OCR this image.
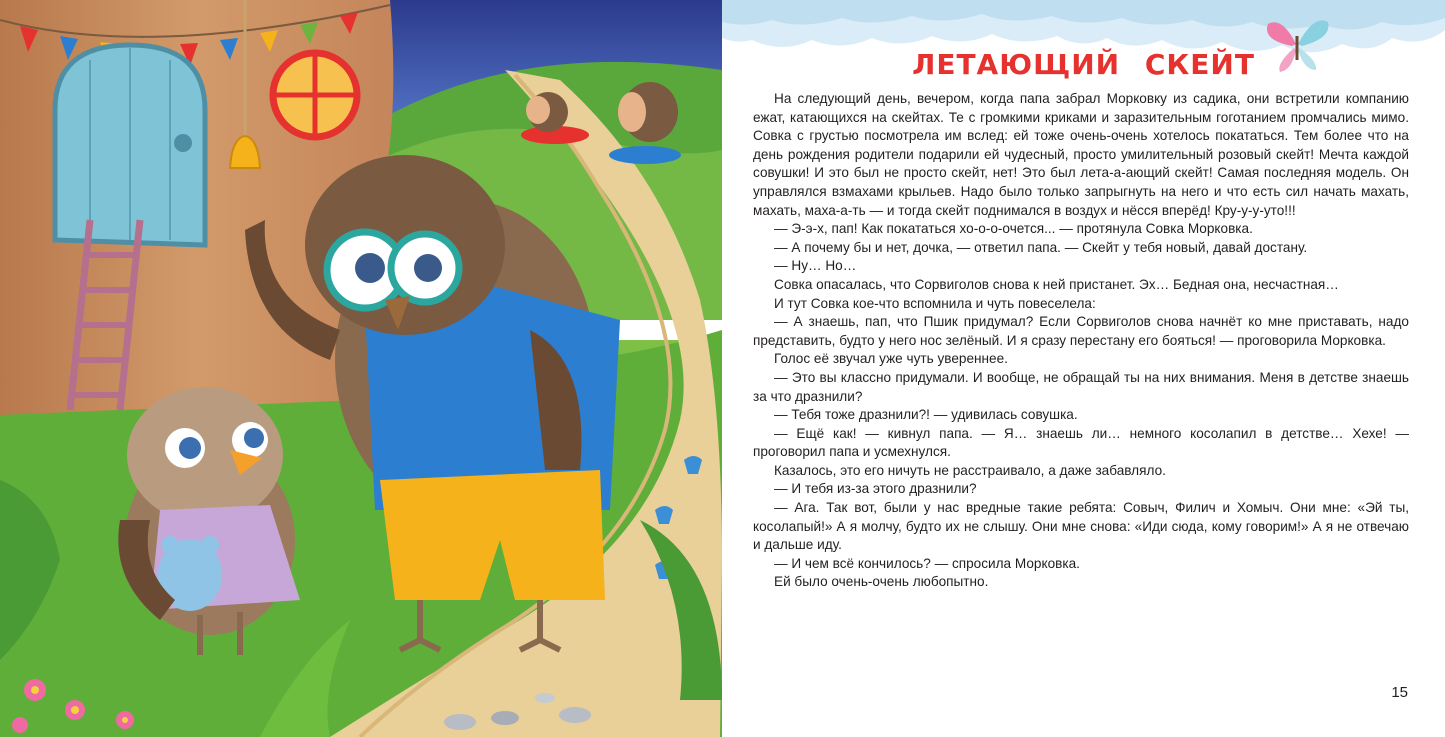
ЛЕТАЮЩИЙ СКЕЙТ

На следующий день, вечером, когда папа забрал Морковку из садика, они встретили компанию ежат, катающихся на скейтах. Те с громкими криками и заразительным гоготанием промчались мимо. Совка с грустью посмотрела им вслед: ей тоже очень-очень хотелось покататься. Тем более что на день рождения родители подарили ей чудесный, просто умилительный розовый скейт! Мечта каждой совушки! И это был не просто скейт, нет! Это был лета-а-ающий скейт! Самая последняя модель. Он управлялся взмахами крыльев. Надо было только запрыгнуть на него и что есть сил начать махать, махать, маха-а-ть — и тогда скейт поднимался в воздух и нёсся вперёд! Кру-у-у-уто!!!

— Э-э-х, пап! Как покататься хо-о-о-очется... — протянула Совка Морковка.

— А почему бы и нет, дочка, — ответил папа. — Скейт у тебя новый, давай достану.

— Ну… Но…

Совка опасалась, что Сорвиголов снова к ней пристанет. Эх… Бедная она, несчастная…

И тут Совка кое-что вспомнила и чуть повеселела:

— А знаешь, пап, что Пшик придумал? Если Сорвиголов снова начнёт ко мне приставать, надо представить, будто у него нос зелёный. И я сразу перестану его бояться! — проговорила Морковка.

Голос её звучал уже чуть увереннее.

— Это вы классно придумали. И вообще, не обращай ты на них внимания. Меня в детстве знаешь за что дразнили?

— Тебя тоже дразнили?! — удивилась совушка.

— Ещё как! — кивнул папа. — Я… знаешь ли… немного косолапил в детстве… Хехе! — проговорил папа и усмехнулся.

Казалось, это его ничуть не расстраивало, а даже забавляло.

— И тебя из-за этого дразнили?

— Ага. Так вот, были у нас вредные такие ребята: Совыч, Филич и Хомыч. Они мне: «Эй ты, косолапый!» А я молчу, будто их не слышу. Они мне снова: «Иди сюда, кому говорим!» А я не отвечаю и дальше иду.

— И чем всё кончилось? — спросила Морковка.

Ей было очень-очень любопытно.

15
